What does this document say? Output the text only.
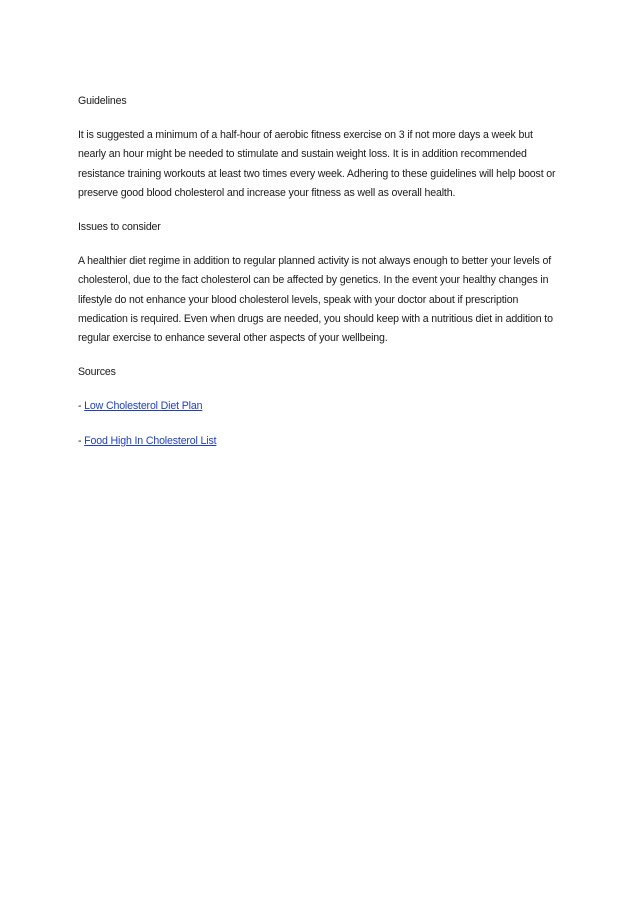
Guidelines

It is suggested a minimum of a half-hour of aerobic fitness exercise on 3 if not more days a week but nearly an hour might be needed to stimulate and sustain weight loss. It is in addition recommended resistance training workouts at least two times every week. Adhering to these guidelines will help boost or preserve good blood cholesterol and increase your fitness as well as overall health.

Issues to consider

A healthier diet regime in addition to regular planned activity is not always enough to better your levels of cholesterol, due to the fact cholesterol can be affected by genetics. In the event your healthy changes in lifestyle do not enhance your blood cholesterol levels, speak with your doctor about if prescription medication is required. Even when drugs are needed, you should keep with a nutritious diet in addition to regular exercise to enhance several other aspects of your wellbeing.

Sources

- Low Cholesterol Diet Plan

- Food High In Cholesterol List
